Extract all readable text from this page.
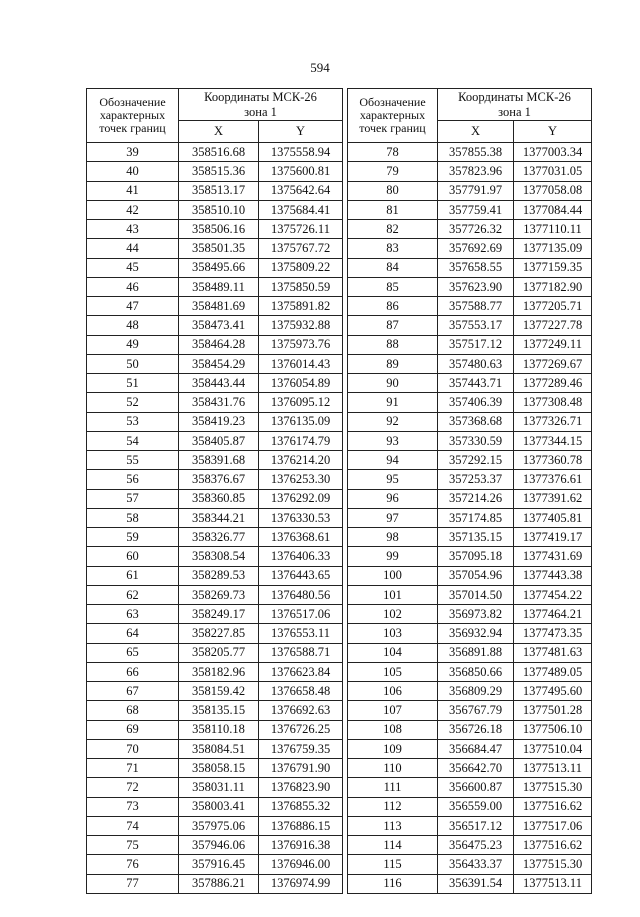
594
Обозначение
характерных
точек границ	Координаты МСК-26
зона 1	
	X	Y
39	358516.68	1375558.94
40	358515.36	1375600.81
41	358513.17	1375642.64
42	358510.10	1375684.41
43	358506.16	1375726.11
44	358501.35	1375767.72
45	358495.66	1375809.22
46	358489.11	1375850.59
47	358481.69	1375891.82
48	358473.41	1375932.88
49	358464.28	1375973.76
50	358454.29	1376014.43
51	358443.44	1376054.89
52	358431.76	1376095.12
53	358419.23	1376135.09
54	358405.87	1376174.79
55	358391.68	1376214.20
56	358376.67	1376253.30
57	358360.85	1376292.09
58	358344.21	1376330.53
59	358326.77	1376368.61
60	358308.54	1376406.33
61	358289.53	1376443.65
62	358269.73	1376480.56
63	358249.17	1376517.06
64	358227.85	1376553.11
65	358205.77	1376588.71
66	358182.96	1376623.84
67	358159.42	1376658.48
68	358135.15	1376692.63
69	358110.18	1376726.25
70	358084.51	1376759.35
71	358058.15	1376791.90
72	358031.11	1376823.90
73	358003.41	1376855.32
74	357975.06	1376886.15
75	357946.06	1376916.38
76	357916.45	1376946.00
77	357886.21	1376974.99
Обозначение
характерных
точек границ	Координаты МСК-26
зона 1	
	X	Y
78	357855.38	1377003.34
79	357823.96	1377031.05
80	357791.97	1377058.08
81	357759.41	1377084.44
82	357726.32	1377110.11
83	357692.69	1377135.09
84	357658.55	1377159.35
85	357623.90	1377182.90
86	357588.77	1377205.71
87	357553.17	1377227.78
88	357517.12	1377249.11
89	357480.63	1377269.67
90	357443.71	1377289.46
91	357406.39	1377308.48
92	357368.68	1377326.71
93	357330.59	1377344.15
94	357292.15	1377360.78
95	357253.37	1377376.61
96	357214.26	1377391.62
97	357174.85	1377405.81
98	357135.15	1377419.17
99	357095.18	1377431.69
100	357054.96	1377443.38
101	357014.50	1377454.22
102	356973.82	1377464.21
103	356932.94	1377473.35
104	356891.88	1377481.63
105	356850.66	1377489.05
106	356809.29	1377495.60
107	356767.79	1377501.28
108	356726.18	1377506.10
109	356684.47	1377510.04
110	356642.70	1377513.11
111	356600.87	1377515.30
112	356559.00	1377516.62
113	356517.12	1377517.06
114	356475.23	1377516.62
115	356433.37	1377515.30
116	356391.54	1377513.11
